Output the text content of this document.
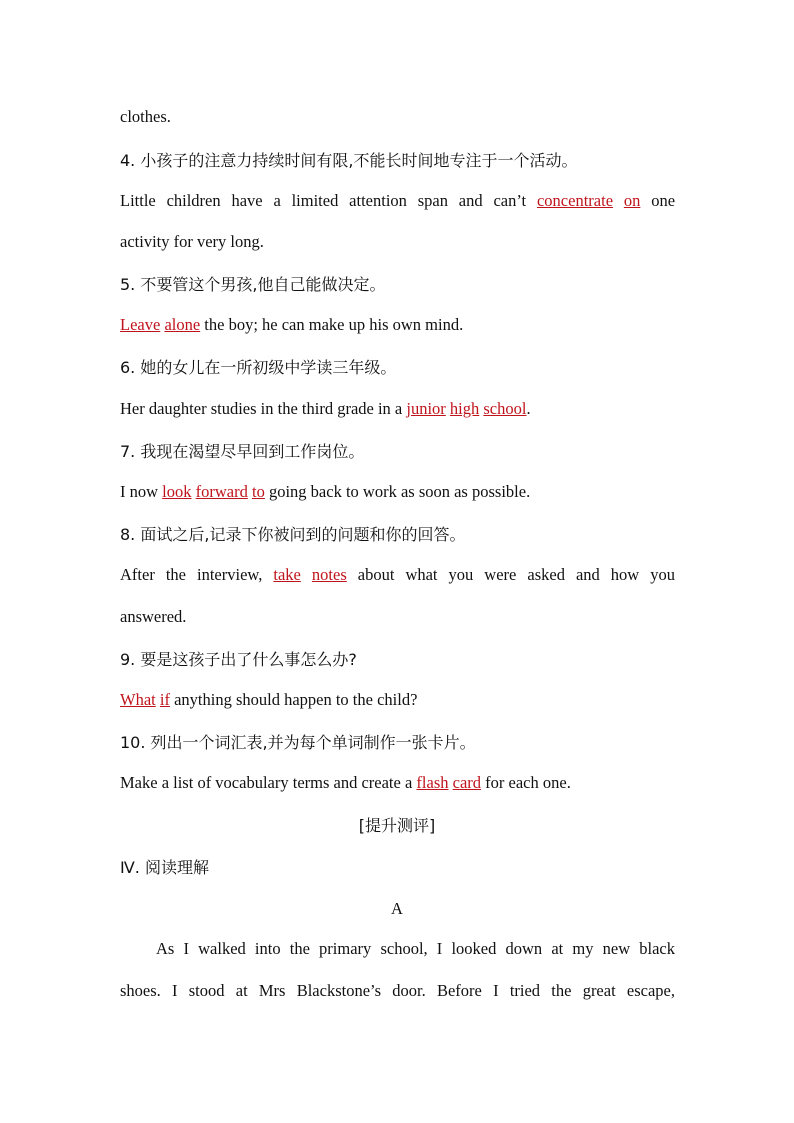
clothes.
4. 小孩子的注意力持续时间有限,不能长时间地专注于一个活动。
Little children have a limited attention span and can’t concentrate on one
activity for very long.
5. 不要管这个男孩,他自己能做决定。
Leave alone the boy; he can make up his own mind.
6. 她的女儿在一所初级中学读三年级。
Her daughter studies in the third grade in a junior high school.
7. 我现在渴望尽早回到工作岗位。
I now look forward to going back to work as soon as possible.
8. 面试之后,记录下你被问到的问题和你的回答。
After the interview, take notes about what you were asked and how you
answered.
9. 要是这孩子出了什么事怎么办?
What if anything should happen to the child?
10. 列出一个词汇表,并为每个单词制作一张卡片。
Make a list of vocabulary terms and create a flash card for each one.
[提升测评]
Ⅳ. 阅读理解
A
As I walked into the primary school, I looked down at my new black
shoes. I stood at Mrs Blackstone’s door. Before I tried the great escape,
